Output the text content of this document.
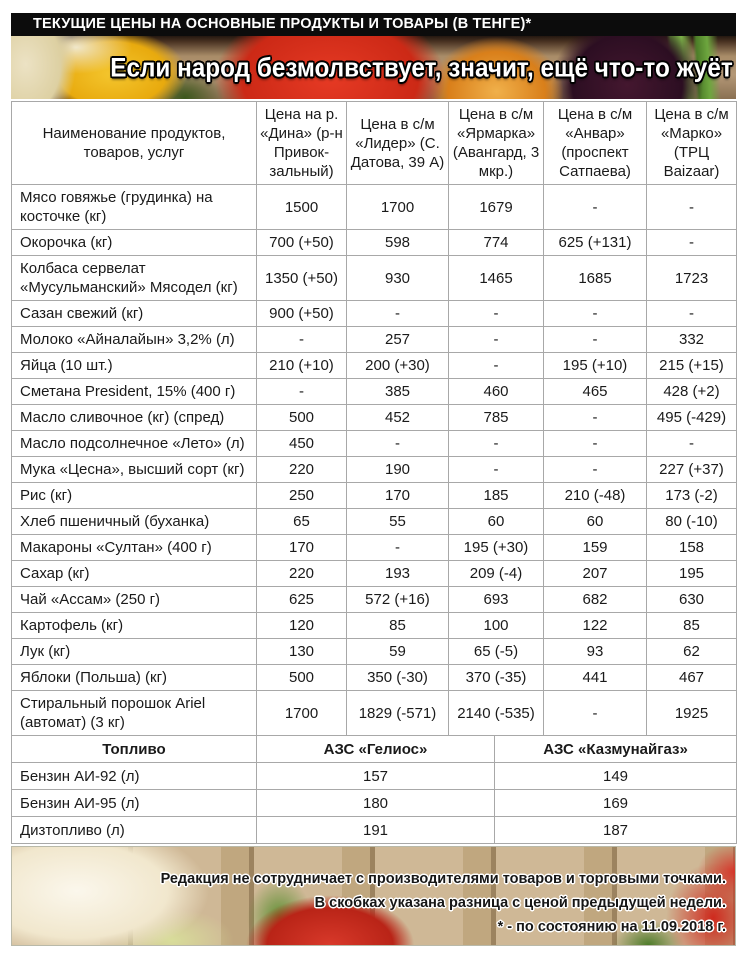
ТЕКУЩИЕ ЦЕНЫ НА ОСНОВНЫЕ ПРОДУКТЫ И ТОВАРЫ (В ТЕНГЕ)*
Если народ безмолвствует, значит, ещё что-то жуёт
Наименование продуктов, товаров, услуг	Цена на р. «Дина» (р-н Привок- зальный)	Цена в с/м «Лидер» (С. Датова, 39 А)	Цена в с/м «Ярмарка» (Авангард, 3 мкр.)	Цена в с/м «Анвар» (проспект Сатпаева)	Цена в с/м «Марко» (ТРЦ Baizaar)
Мясо говяжье (грудинка) на косточке (кг)	1500	1700	1679	-	-
Окорочка (кг)	700 (+50)	598	774	625 (+131)	-
Колбаса сервелат «Мусульманский» Мясодел (кг)	1350 (+50)	930	1465	1685	1723
Сазан свежий (кг)	900 (+50)	-	-	-	-
Молоко «Айналайын» 3,2% (л)	-	257	-	-	332
Яйца (10 шт.)	210 (+10)	200 (+30)	-	195 (+10)	215 (+15)
Сметана President, 15% (400 г)	-	385	460	465	428 (+2)
Масло сливочное (кг) (спред)	500	452	785	-	495 (-429)
Масло подсолнечное «Лето» (л)	450	-	-	-	-
Мука «Цесна», высший сорт (кг)	220	190	-	-	227 (+37)
Рис (кг)	250	170	185	210 (-48)	173 (-2)
Хлеб пшеничный (буханка)	65	55	60	60	80 (-10)
Макароны «Султан» (400 г)	170	-	195 (+30)	159	158
Сахар (кг)	220	193	209 (-4)	207	195
Чай «Ассам» (250 г)	625	572 (+16)	693	682	630
Картофель (кг)	120	85	100	122	85
Лук (кг)	130	59	65 (-5)	93	62
Яблоки (Польша) (кг)	500	350 (-30)	370 (-35)	441	467
Стиральный порошок Ariel (автомат) (3 кг)	1700	1829 (-571)	2140 (-535)	-	1925
Топливо	АЗС «Гелиос»	АЗС «Казмунайгаз»
Бензин АИ-92 (л)	157	149
Бензин АИ-95 (л)	180	169
Дизтопливо (л)	191	187
Редакция не сотрудничает с производителями товаров и торговыми точками.
В скобках указана разница с ценой предыдущей недели.
* - по состоянию на 11.09.2018 г.
